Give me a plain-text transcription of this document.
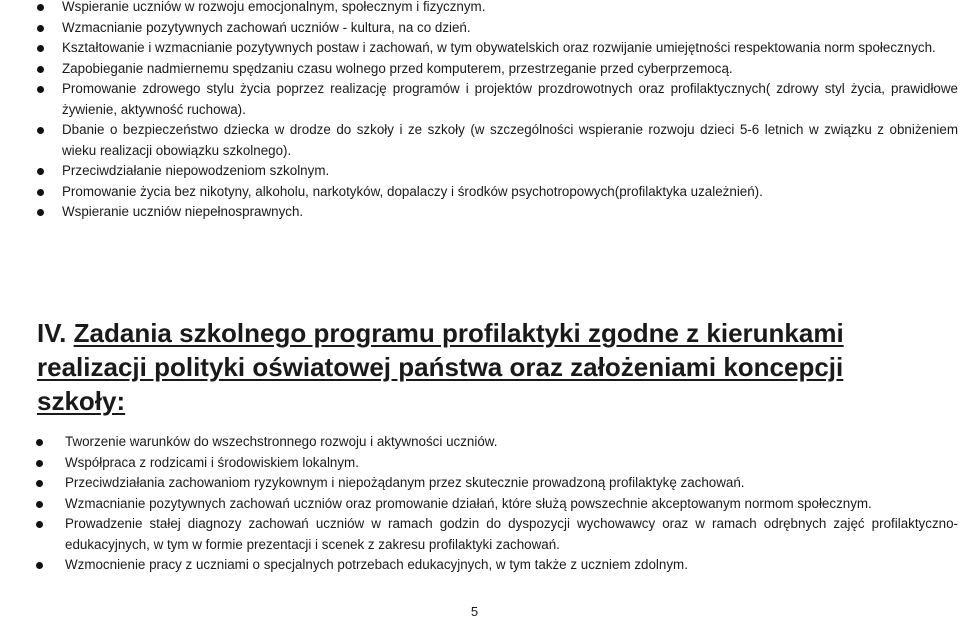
Wspieranie uczniów w rozwoju emocjonalnym, społecznym i fizycznym.
Wzmacnianie pozytywnych zachowań uczniów - kultura, na co dzień.
Kształtowanie i wzmacnianie pozytywnych postaw i zachowań, w tym obywatelskich oraz rozwijanie umiejętności respektowania norm społecznych.
Zapobieganie nadmiernemu spędzaniu czasu wolnego przed komputerem, przestrzeganie przed cyberprzemocą.
Promowanie zdrowego stylu życia poprzez realizację programów i projektów prozdrowotnych oraz profilaktycznych( zdrowy styl życia, prawidłowe żywienie, aktywność ruchowa).
Dbanie o bezpieczeństwo dziecka w drodze do szkoły i ze szkoły (w szczególności wspieranie rozwoju dzieci 5-6 letnich w związku z obniżeniem wieku realizacji obowiązku szkolnego).
Przeciwdziałanie niepowodzeniom szkolnym.
Promowanie życia bez nikotyny, alkoholu, narkotyków, dopalaczy i środków psychotropowych(profilaktyka uzależnień).
Wspieranie uczniów niepełnosprawnych.
IV. Zadania szkolnego programu profilaktyki zgodne z kierunkami realizacji polityki oświatowej państwa oraz założeniami koncepcji szkoły:
Tworzenie warunków do wszechstronnego rozwoju i aktywności uczniów.
Współpraca z rodzicami i środowiskiem lokalnym.
Przeciwdziałania zachowaniom ryzykownym i niepożądanym przez skutecznie prowadzoną profilaktykę zachowań.
Wzmacnianie pozytywnych zachowań uczniów oraz promowanie działań, które służą powszechnie akceptowanym normom społecznym.
Prowadzenie stałej diagnozy zachowań uczniów w ramach godzin do dyspozycji wychowawcy oraz w ramach odrębnych zajęć profilaktyczno-edukacyjnych, w tym w formie prezentacji i scenek z zakresu profilaktyki zachowań.
Wzmocnienie pracy z uczniami o specjalnych potrzebach edukacyjnych, w tym także z uczniem zdolnym.
5
